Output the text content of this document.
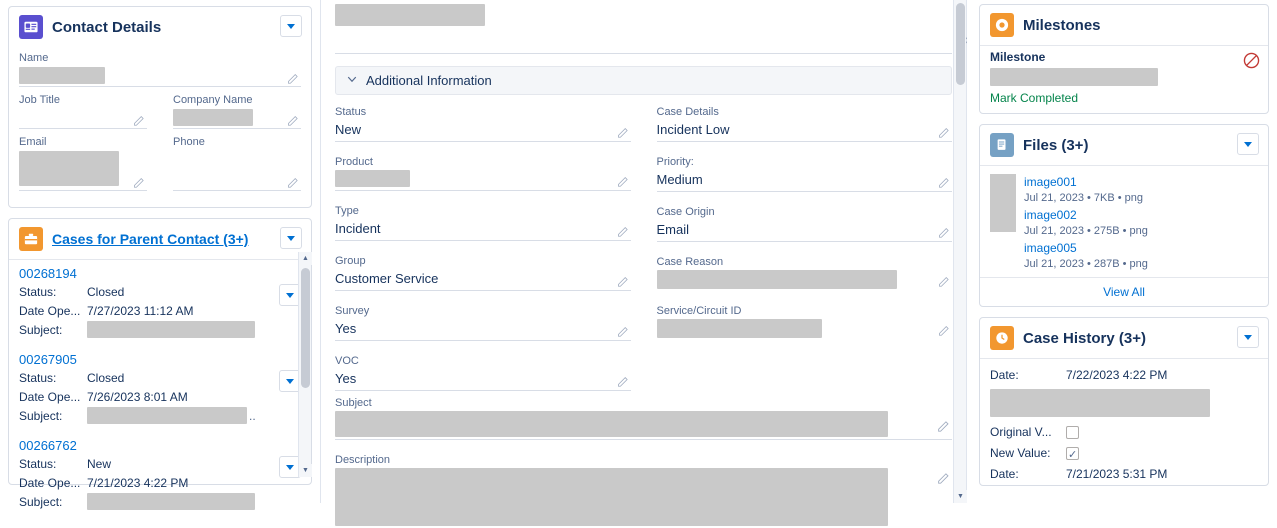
Contact Details
Name
Job Title	Company Name
Email	Phone
Cases for Parent Contact (3+)
00268194
Status:	Closed
Date Ope... 7/27/2023 11:12 AM
Subject:
00267905
Status:	Closed
Date Ope... 7/26/2023 8:01 AM
Subject:	..
00266762
Status:	New
Date Ope... 7/21/2023 4:22 PM
Subject:
▲
▼
Additional Information
Status
New
Product
Type
Incident
Group
Customer Service
Survey
Yes
VOC
Yes
Case Details
Incident Low
Priority:
Medium
Case Origin
Email
Case Reason
Service/Circuit ID
Subject
Description
▼
Milestones
Milestone
Mark Completed
Files (3+)
image001
Jul 21, 2023 • 7KB • png
image002
Jul 21, 2023 • 275B • png
image005
Jul 21, 2023 • 287B • png
View All
Case History (3+)
Date:	7/22/2023 4:22 PM
Original V...
New Value:
✓
Date:	7/21/2023 5:31 PM
